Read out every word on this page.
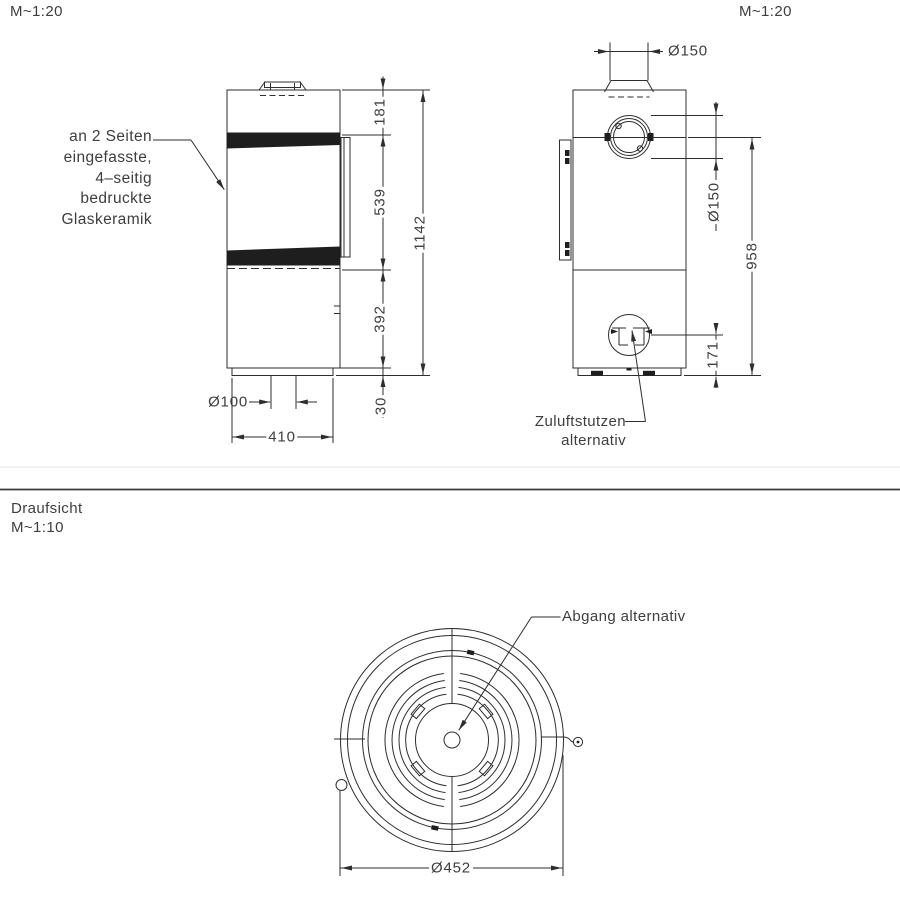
M~1:20	M~1:20
an 2 Seiten
eingefasste,
4–seitig
bedruckte
Glaskeramik
181
539
392
30
1142
Ø100
410
Ø150
Ø150
958
171
Zuluftstutzen
alternativ
Draufsicht
M~1:10
Abgang alternativ
Ø452
